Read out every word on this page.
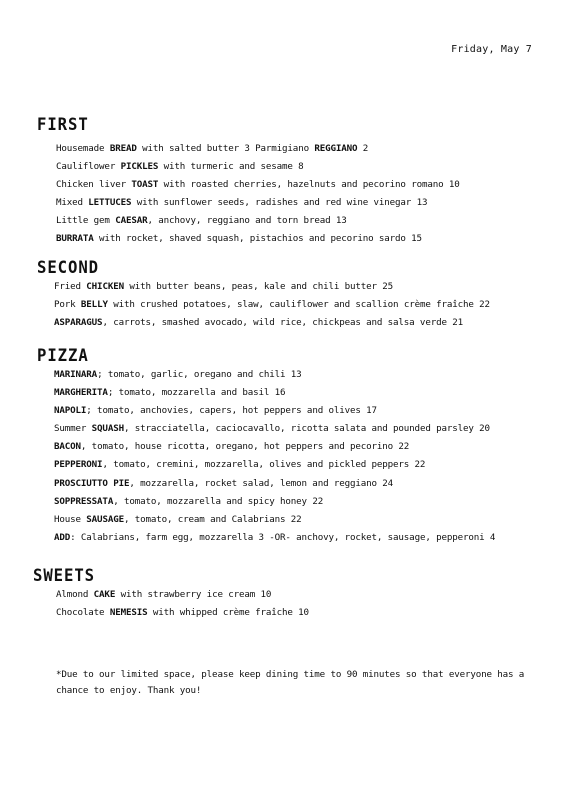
Friday, May 7
FIRST
Housemade BREAD with salted butter 3 Parmigiano REGGIANO 2
Cauliflower PICKLES with turmeric and sesame 8
Chicken liver TOAST with roasted cherries, hazelnuts and pecorino romano 10
Mixed LETTUCES with sunflower seeds, radishes and red wine vinegar 13
Little gem CAESAR, anchovy, reggiano and torn bread 13
BURRATA with rocket, shaved squash, pistachios and pecorino sardo 15
SECOND
Fried CHICKEN with butter beans, peas, kale and chili butter 25
Pork BELLY with crushed potatoes, slaw, cauliflower and scallion crème fraîche 22
ASPARAGUS, carrots, smashed avocado, wild rice, chickpeas and salsa verde 21
PIZZA
MARINARA; tomato, garlic, oregano and chili 13
MARGHERITA; tomato, mozzarella and basil 16
NAPOLI; tomato, anchovies, capers, hot peppers and olives 17
Summer SQUASH, stracciatella, caciocavallo, ricotta salata and pounded parsley 20
BACON, tomato, house ricotta, oregano, hot peppers and pecorino 22
PEPPERONI, tomato, cremini, mozzarella, olives and pickled peppers 22
PROSCIUTTO PIE, mozzarella, rocket salad, lemon and reggiano 24
SOPPRESSATA, tomato, mozzarella and spicy honey 22
House SAUSAGE, tomato, cream and Calabrians 22
ADD: Calabrians, farm egg, mozzarella 3 -OR- anchovy, rocket, sausage, pepperoni 4
SWEETS
Almond CAKE with strawberry ice cream 10
Chocolate NEMESIS with whipped crème fraîche 10
*Due to our limited space, please keep dining time to 90 minutes so that everyone has a chance to enjoy. Thank you!
